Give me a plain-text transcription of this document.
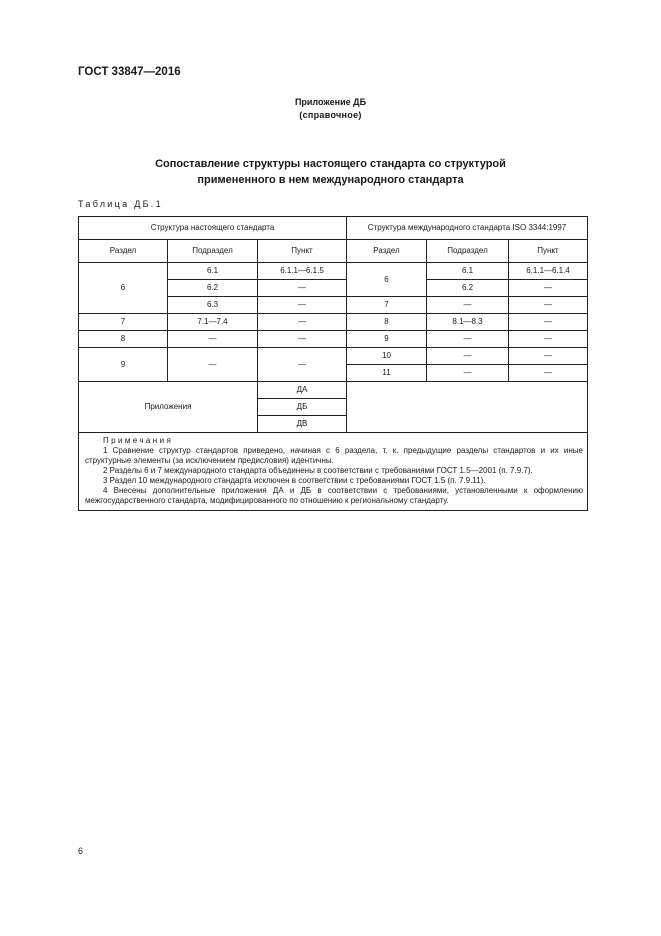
ГОСТ 33847—2016
Приложение ДБ
(справочное)
Сопоставление структуры настоящего стандарта со структурой
примененного в нем международного стандарта
Таблица ДБ.1
Структура настоящего стандарта			Структура международного стандарта ISO 3344:1997		
Раздел	Подраздел	Пункт	Раздел	Подраздел	Пункт
6	6.1	6.1.1—6.1.5	6	6.1	6.1.1—6.1.4
	6.2	—		6.2	—
	6.3	—	7	—	—
7	7.1—7.4	—	8	8.1—8.3	—
8	—	—	9	—	—
9	—	—	10	—	—
			11	—	—
Приложения		ДА			
		ДБ			
		ДВ			

Примечания

1 Сравнение структур стандартов приведено, начиная с 6 раздела, т. к. предыдущие разделы стандартов и их иные структурные элементы (за исключением предисловия) идентичны.

2 Разделы 6 и 7 международного стандарта объединены в соответствии с требованиями ГОСТ 1.5—2001 (п. 7.9.7).

3 Раздел 10 международного стандарта исключен в соответствии с требованиями ГОСТ 1.5 (п. 7.9.11).

4 Внесены дополнительные приложения ДА и ДБ в соответствии с требованиями, установленными к оформлению межгосударственного стандарта, модифицированного по отношению к региональному стандарту.					

6
